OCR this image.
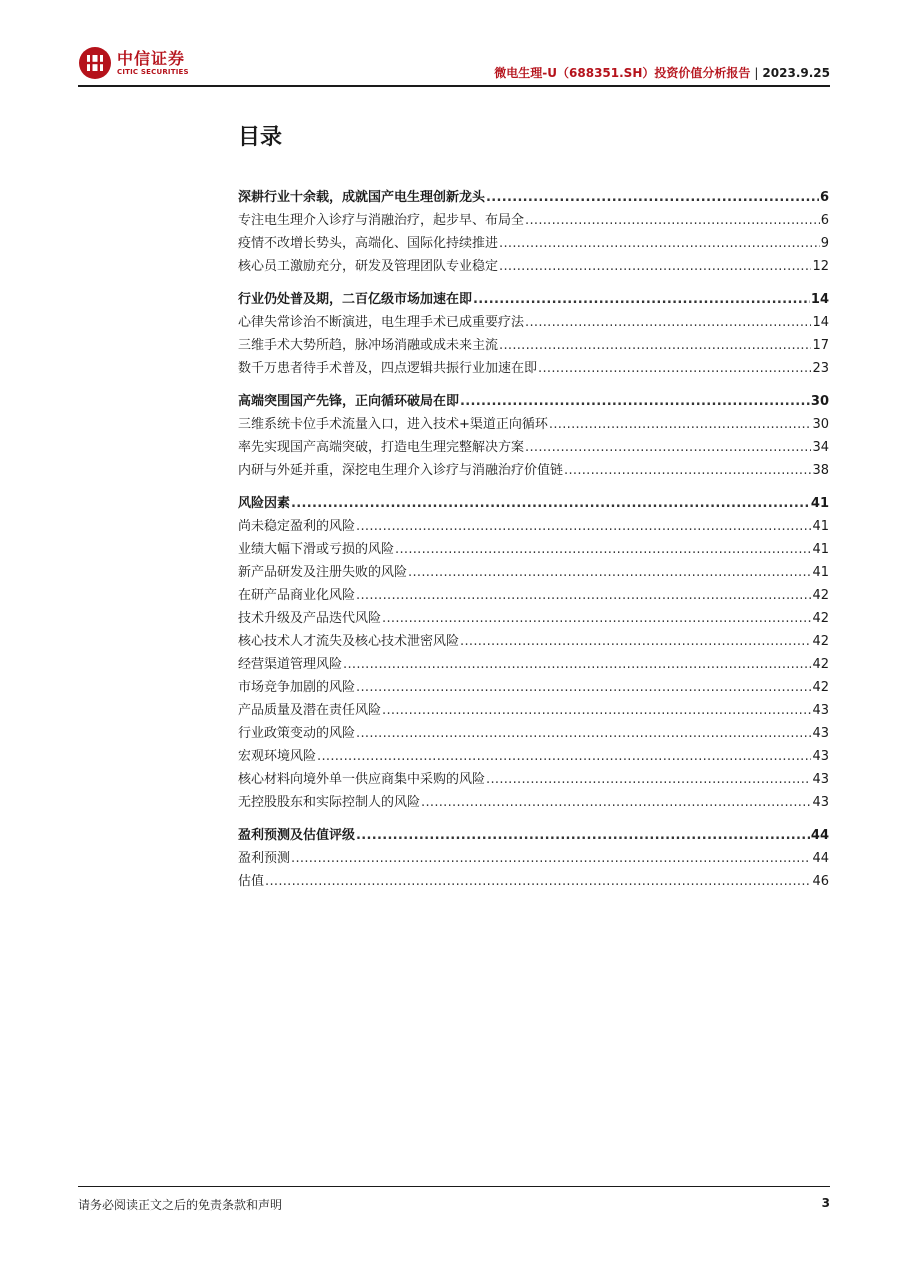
中信证券
CITIC SECURITIES	微电生理-U（688351.SH）投资价值分析报告 | 2023.9.25
目录
深耕行业十余载，成就国产电生理创新龙头 .....	6
专注电生理介入诊疗与消融治疗，起步早、布局全 .....	6
疫情不改增长势头，高端化、国际化持续推进 .....	9
核心员工激励充分，研发及管理团队专业稳定 .....	12
行业仍处普及期，二百亿级市场加速在即 .....	14
心律失常诊治不断演进，电生理手术已成重要疗法 .....	14
三维手术大势所趋，脉冲场消融或成未来主流 .....	17
数千万患者待手术普及，四点逻辑共振行业加速在即 .....	23
高端突围国产先锋，正向循环破局在即 .....	30
三维系统卡位手术流量入口，进入技术+渠道正向循环 .....	30
率先实现国产高端突破，打造电生理完整解决方案 .....	34
内研与外延并重，深挖电生理介入诊疗与消融治疗价值链 .....	38
风险因素 .....	41
尚未稳定盈利的风险 .....	41
业绩大幅下滑或亏损的风险 .....	41
新产品研发及注册失败的风险 .....	41
在研产品商业化风险 .....	42
技术升级及产品迭代风险 .....	42
核心技术人才流失及核心技术泄密风险 .....	42
经营渠道管理风险 .....	42
市场竞争加剧的风险 .....	42
产品质量及潜在责任风险 .....	43
行业政策变动的风险 .....	43
宏观环境风险 .....	43
核心材料向境外单一供应商集中采购的风险 .....	43
无控股股东和实际控制人的风险 .....	43
盈利预测及估值评级 .....	44
盈利预测 .....	44
估值 .....	46
请务必阅读正文之后的免责条款和声明	3
